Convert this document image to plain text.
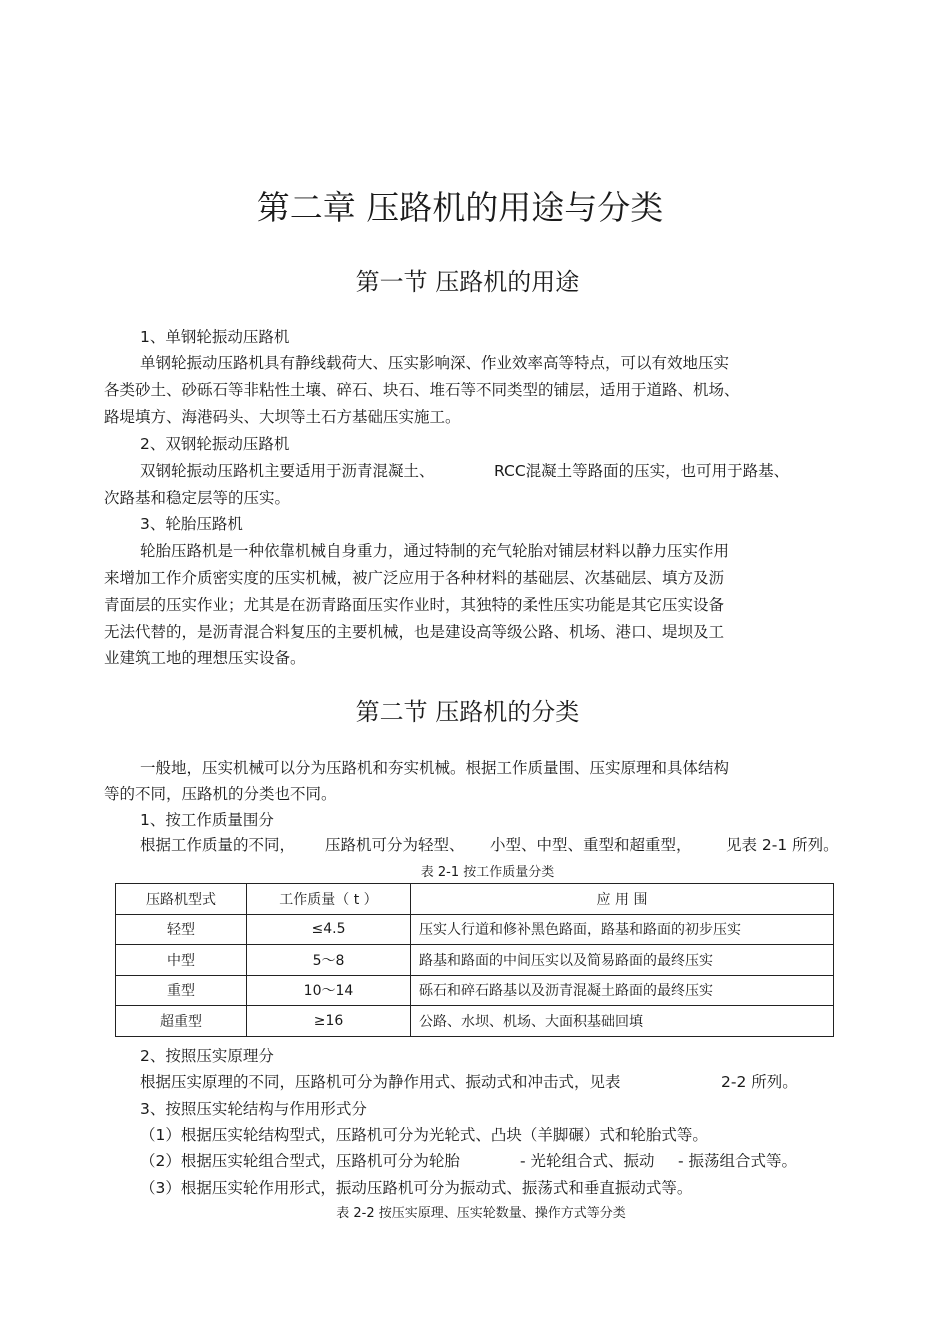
第二章 压路机的用途与分类
第一节 压路机的用途
1、单钢轮振动压路机
单钢轮振动压路机具有静线载荷大、压实影响深、作业效率高等特点，可以有效地压实
各类砂土、砂砾石等非粘性土壤、碎石、块石、堆石等不同类型的铺层，适用于道路、机场、
路堤填方、海港码头、大坝等土石方基础压实施工。
2、双钢轮振动压路机
双钢轮振动压路机主要适用于沥青混凝土、	RCC混凝土等路面的压实，也可用于路基、
次路基和稳定层等的压实。
3、轮胎压路机
轮胎压路机是一种依靠机械自身重力，通过特制的充气轮胎对铺层材料以静力压实作用
来增加工作介质密实度的压实机械，被广泛应用于各种材料的基础层、次基础层、填方及沥
青面层的压实作业；尤其是在沥青路面压实作业时，其独特的柔性压实功能是其它压实设备
无法代替的，是沥青混合料复压的主要机械，也是建设高等级公路、机场、港口、堤坝及工
业建筑工地的理想压实设备。
第二节 压路机的分类
一般地，压实机械可以分为压路机和夯实机械。根据工作质量围、压实原理和具体结构
等的不同，压路机的分类也不同。
1、按工作质量围分
根据工作质量的不同， 压路机可分为轻型、 小型、中型、重型和超重型， 见表 2-1 所列。
表 2-1 按工作质量分类
压路机型式	工作质量（ t ）	应 用 围
轻型	≤4.5	压实人行道和修补黑色路面，路基和路面的初步压实
中型	5～8	路基和路面的中间压实以及简易路面的最终压实
重型	10～14	砾石和碎石路基以及沥青混凝土路面的最终压实
超重型	≥16	公路、水坝、机场、大面积基础回填
2、按照压实原理分
根据压实原理的不同，压路机可分为静作用式、振动式和冲击式，见表	2-2 所列。
3、按照压实轮结构与作用形式分
（1）根据压实轮结构型式，压路机可分为光轮式、凸块（羊脚碾）式和轮胎式等。
（2）根据压实轮组合型式，压路机可分为轮胎	- 光轮组合式、振动 - 振荡组合式等。
（3）根据压实轮作用形式，振动压路机可分为振动式、振荡式和垂直振动式等。
表 2-2 按压实原理、压实轮数量、操作方式等分类
